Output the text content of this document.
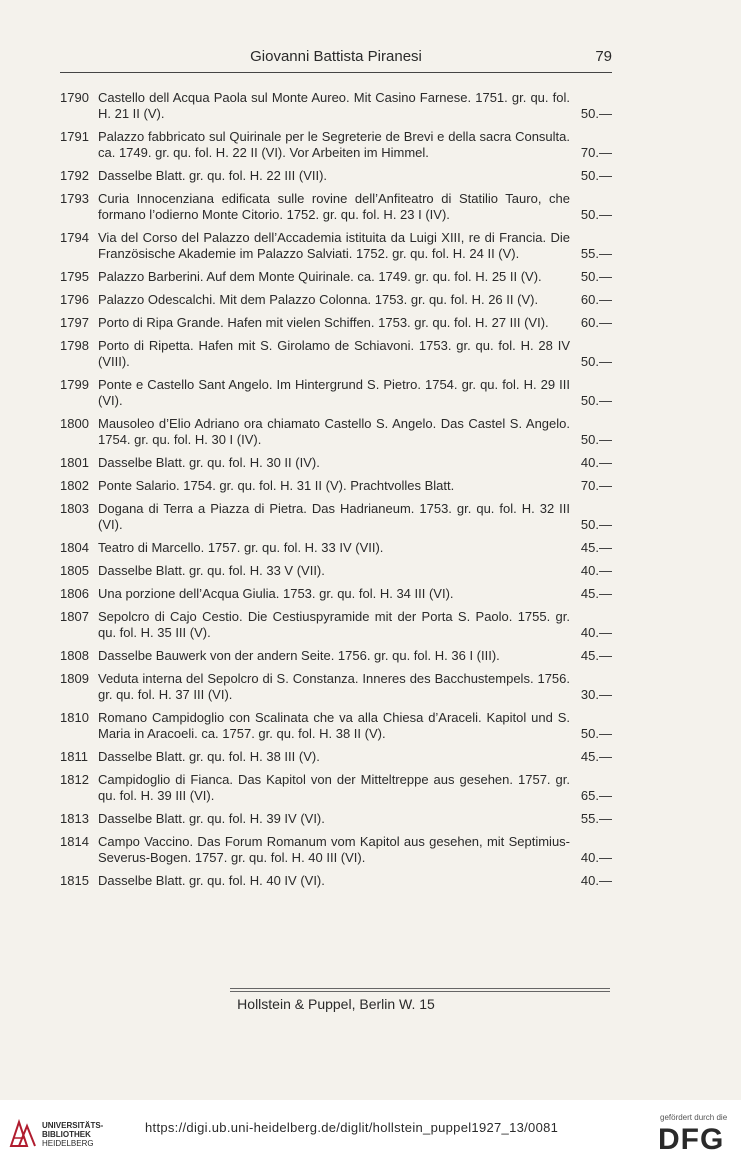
Giovanni Battista Piranesi	79
1790 Castello dell Acqua Paola sul Monte Aureo. Mit Casino Farnese. 1751. gr. qu. fol. H. 21 II (V).	50.—
1791 Palazzo fabbricato sul Quirinale per le Segreterie de Brevi e della sacra Consulta. ca. 1749. gr. qu. fol. H. 22 II (VI). Vor Arbeiten im Himmel.	70.—
1792 Dasselbe Blatt. gr. qu. fol. H. 22 III (VII).	50.—
1793 Curia Innocenziana edificata sulle rovine dell’Anfiteatro di Statilio Tauro, che formano l’odierno Monte Citorio. 1752. gr. qu. fol. H. 23 I (IV).	50.—
1794 Via del Corso del Palazzo dell’Accademia istituita da Luigi XIII, re di Francia. Die Französische Akademie im Palazzo Salviati. 1752. gr. qu. fol. H. 24 II (V).	55.—
1795 Palazzo Barberini. Auf dem Monte Quirinale. ca. 1749. gr. qu. fol. H. 25 II (V).	50.—
1796 Palazzo Odescalchi. Mit dem Palazzo Colonna. 1753. gr. qu. fol. H. 26 II (V).	60.—
1797 Porto di Ripa Grande. Hafen mit vielen Schiffen. 1753. gr. qu. fol. H. 27 III (VI).	60.—
1798 Porto di Ripetta. Hafen mit S. Girolamo de Schiavoni. 1753. gr. qu. fol. H. 28 IV (VIII).	50.—
1799 Ponte e Castello Sant Angelo. Im Hintergrund S. Pietro. 1754. gr. qu. fol. H. 29 III (VI).	50.—
1800 Mausoleo d’Elio Adriano ora chiamato Castello S. Angelo. Das Castel S. Angelo. 1754. gr. qu. fol. H. 30 I (IV).	50.—
1801 Dasselbe Blatt. gr. qu. fol. H. 30 II (IV).	40.—
1802 Ponte Salario. 1754. gr. qu. fol. H. 31 II (V). Prachtvolles Blatt.	70.—
1803 Dogana di Terra a Piazza di Pietra. Das Hadrianeum. 1753. gr. qu. fol. H. 32 III (VI).	50.—
1804 Teatro di Marcello. 1757. gr. qu. fol. H. 33 IV (VII).	45.—
1805 Dasselbe Blatt. gr. qu. fol. H. 33 V (VII).	40.—
1806 Una porzione dell’Acqua Giulia. 1753. gr. qu. fol. H. 34 III (VI).	45.—
1807 Sepolcro di Cajo Cestio. Die Cestiuspyramide mit der Porta S. Paolo. 1755. gr. qu. fol. H. 35 III (V).	40.—
1808 Dasselbe Bauwerk von der andern Seite. 1756. gr. qu. fol. H. 36 I (III).	45.—
1809 Veduta interna del Sepolcro di S. Constanza. Inneres des Bacchustempels. 1756. gr. qu. fol. H. 37 III (VI).	30.—
1810 Romano Campidoglio con Scalinata che va alla Chiesa d’Araceli. Kapitol und S. Maria in Aracoeli. ca. 1757. gr. qu. fol. H. 38 II (V).	50.—
1811 Dasselbe Blatt. gr. qu. fol. H. 38 III (V).	45.—
1812 Campidoglio di Fianca. Das Kapitol von der Mitteltreppe aus gesehen. 1757. gr. qu. fol. H. 39 III (VI).	65.—
1813 Dasselbe Blatt. gr. qu. fol. H. 39 IV (VI).	55.—
1814 Campo Vaccino. Das Forum Romanum vom Kapitol aus gesehen, mit Septimius-Severus-Bogen. 1757. gr. qu. fol. H. 40 III (VI).	40.—
1815 Dasselbe Blatt. gr. qu. fol. H. 40 IV (VI).	40.—
Hollstein & Puppel, Berlin W. 15
UNIVERSITÄTS-
BIBLIOTHEK
HEIDELBERG
https://digi.ub.uni-heidelberg.de/diglit/hollstein_puppel1927_13/0081
gefördert durch die
DFG
